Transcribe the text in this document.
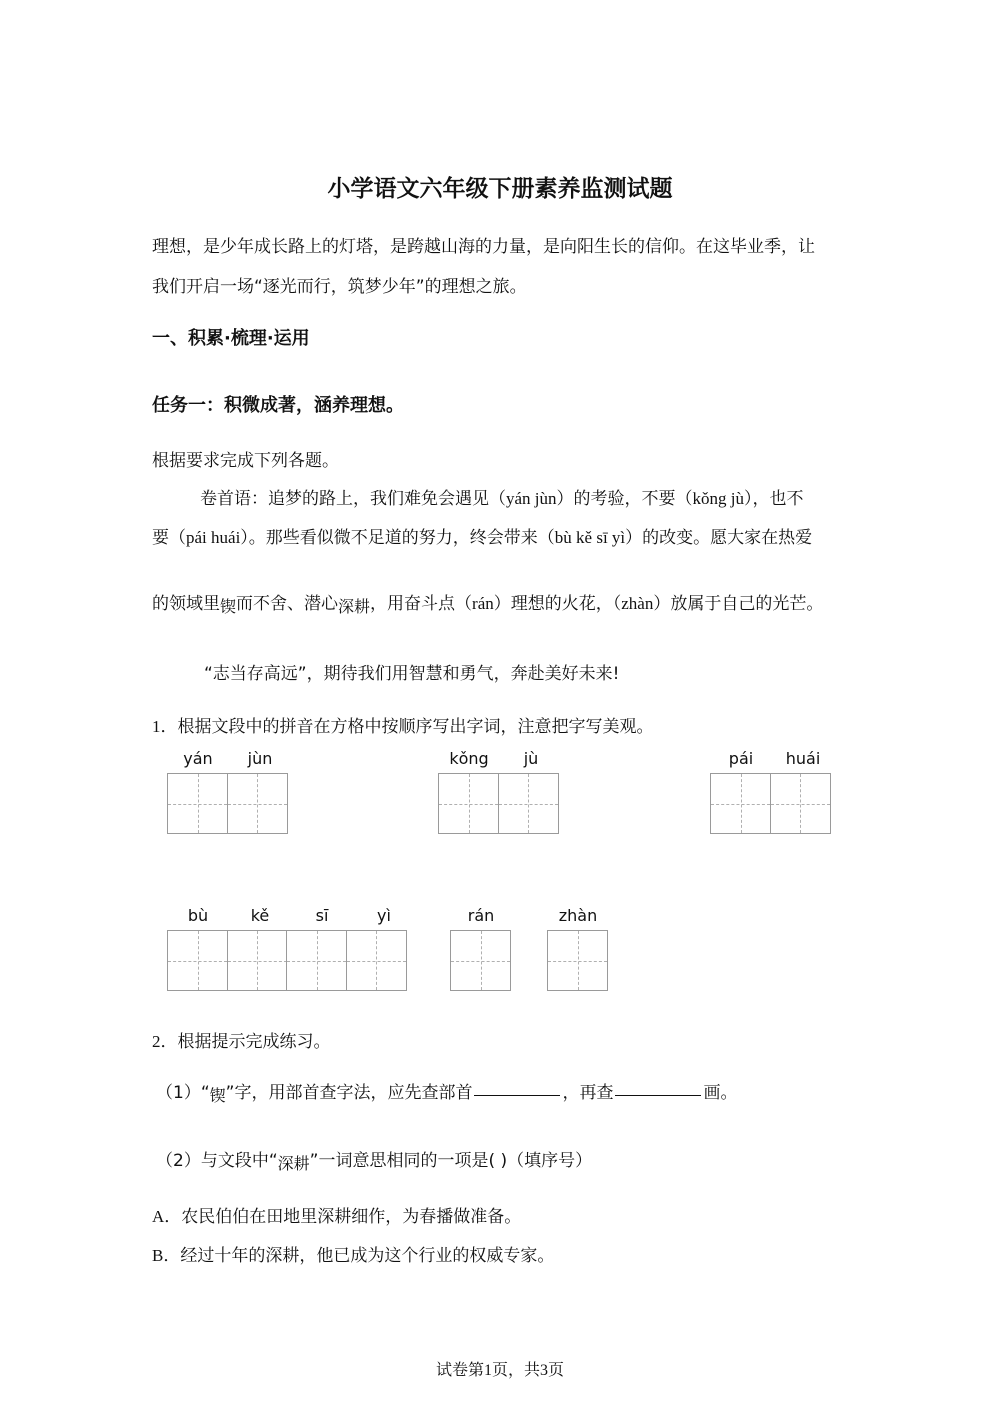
小学语文六年级下册素养监测试题
理想，是少年成长路上的灯塔，是跨越山海的力量，是向阳生长的信仰。在这毕业季，让
我们开启一场“逐光而行，筑梦少年”的理想之旅。
一、积累·梳理·运用
任务一：积微成著，涵养理想。
根据要求完成下列各题。
卷首语：追梦的路上，我们难免会遇见（yán jùn）的考验，不要（kǒng jù），也不
要（pái huái）。那些看似微不足道的努力，终会带来（bù kě sī yì）的改变。愿大家在热爱
的领域里锲而不舍、潜心深耕，用奋斗点（rán）理想的火花，（zhàn）放属于自己的光芒。
“志当存高远”，期待我们用智慧和勇气，奔赴美好未来!
1．根据文段中的拼音在方格中按顺序写出字词，注意把字写美观。
yán	jùn	kǒng	jù	pái	huái
bù	kě	sī	yì	rán	zhàn
2．根据提示完成练习。
（1）“锲”字，用部首查字法，应先查部首	，再查	画。
（2）与文段中“深耕”一词意思相同的一项是( )（填序号）
A．农民伯伯在田地里深耕细作，为春播做准备。
B．经过十年的深耕，他已成为这个行业的权威专家。
试卷第1页，共3页
